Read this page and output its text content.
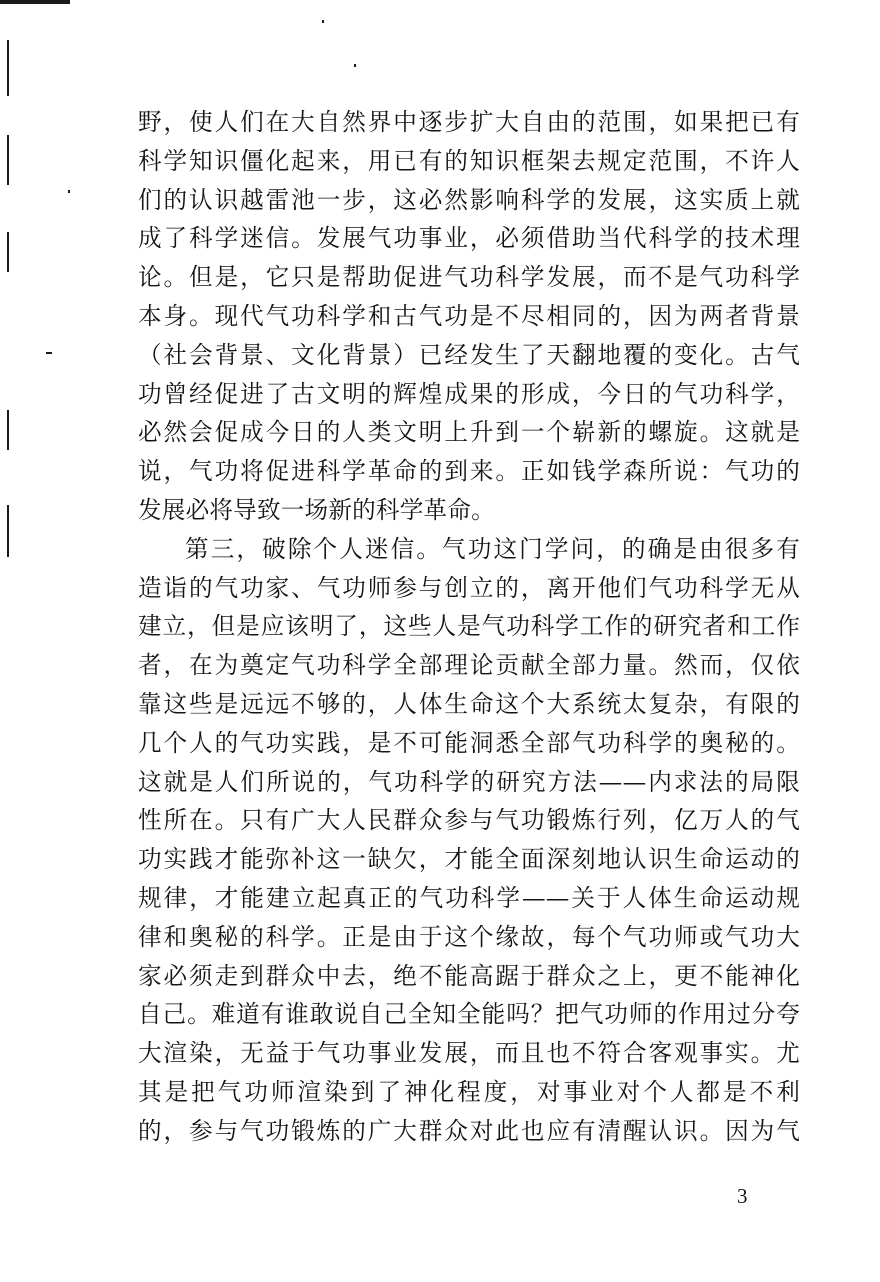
野，使人们在大自然界中逐步扩大自由的范围，如果把已有
科学知识僵化起来，用已有的知识框架去规定范围，不许人
们的认识越雷池一步，这必然影响科学的发展，这实质上就
成了科学迷信。发展气功事业，必须借助当代科学的技术理
论。但是，它只是帮助促进气功科学发展，而不是气功科学
本身。现代气功科学和古气功是不尽相同的，因为两者背景
（社会背景、文化背景）已经发生了天翻地覆的变化。古气
功曾经促进了古文明的辉煌成果的形成，今日的气功科学，
必然会促成今日的人类文明上升到一个崭新的螺旋。这就是
说，气功将促进科学革命的到来。正如钱学森所说：气功的
发展必将导致一场新的科学革命。
第三，破除个人迷信。气功这门学问，的确是由很多有
造诣的气功家、气功师参与创立的，离开他们气功科学无从
建立，但是应该明了，这些人是气功科学工作的研究者和工作
者，在为奠定气功科学全部理论贡献全部力量。然而，仅依
靠这些是远远不够的，人体生命这个大系统太复杂，有限的
几个人的气功实践，是不可能洞悉全部气功科学的奥秘的。
这就是人们所说的，气功科学的研究方法——内求法的局限
性所在。只有广大人民群众参与气功锻炼行列，亿万人的气
功实践才能弥补这一缺欠，才能全面深刻地认识生命运动的
规律，才能建立起真正的气功科学——关于人体生命运动规
律和奥秘的科学。正是由于这个缘故，每个气功师或气功大
家必须走到群众中去，绝不能高踞于群众之上，更不能神化
自己。难道有谁敢说自己全知全能吗？把气功师的作用过分夸
大渲染，无益于气功事业发展，而且也不符合客观事实。尤
其是把气功师渲染到了神化程度，对事业对个人都是不利
的，参与气功锻炼的广大群众对此也应有清醒认识。因为气
3
